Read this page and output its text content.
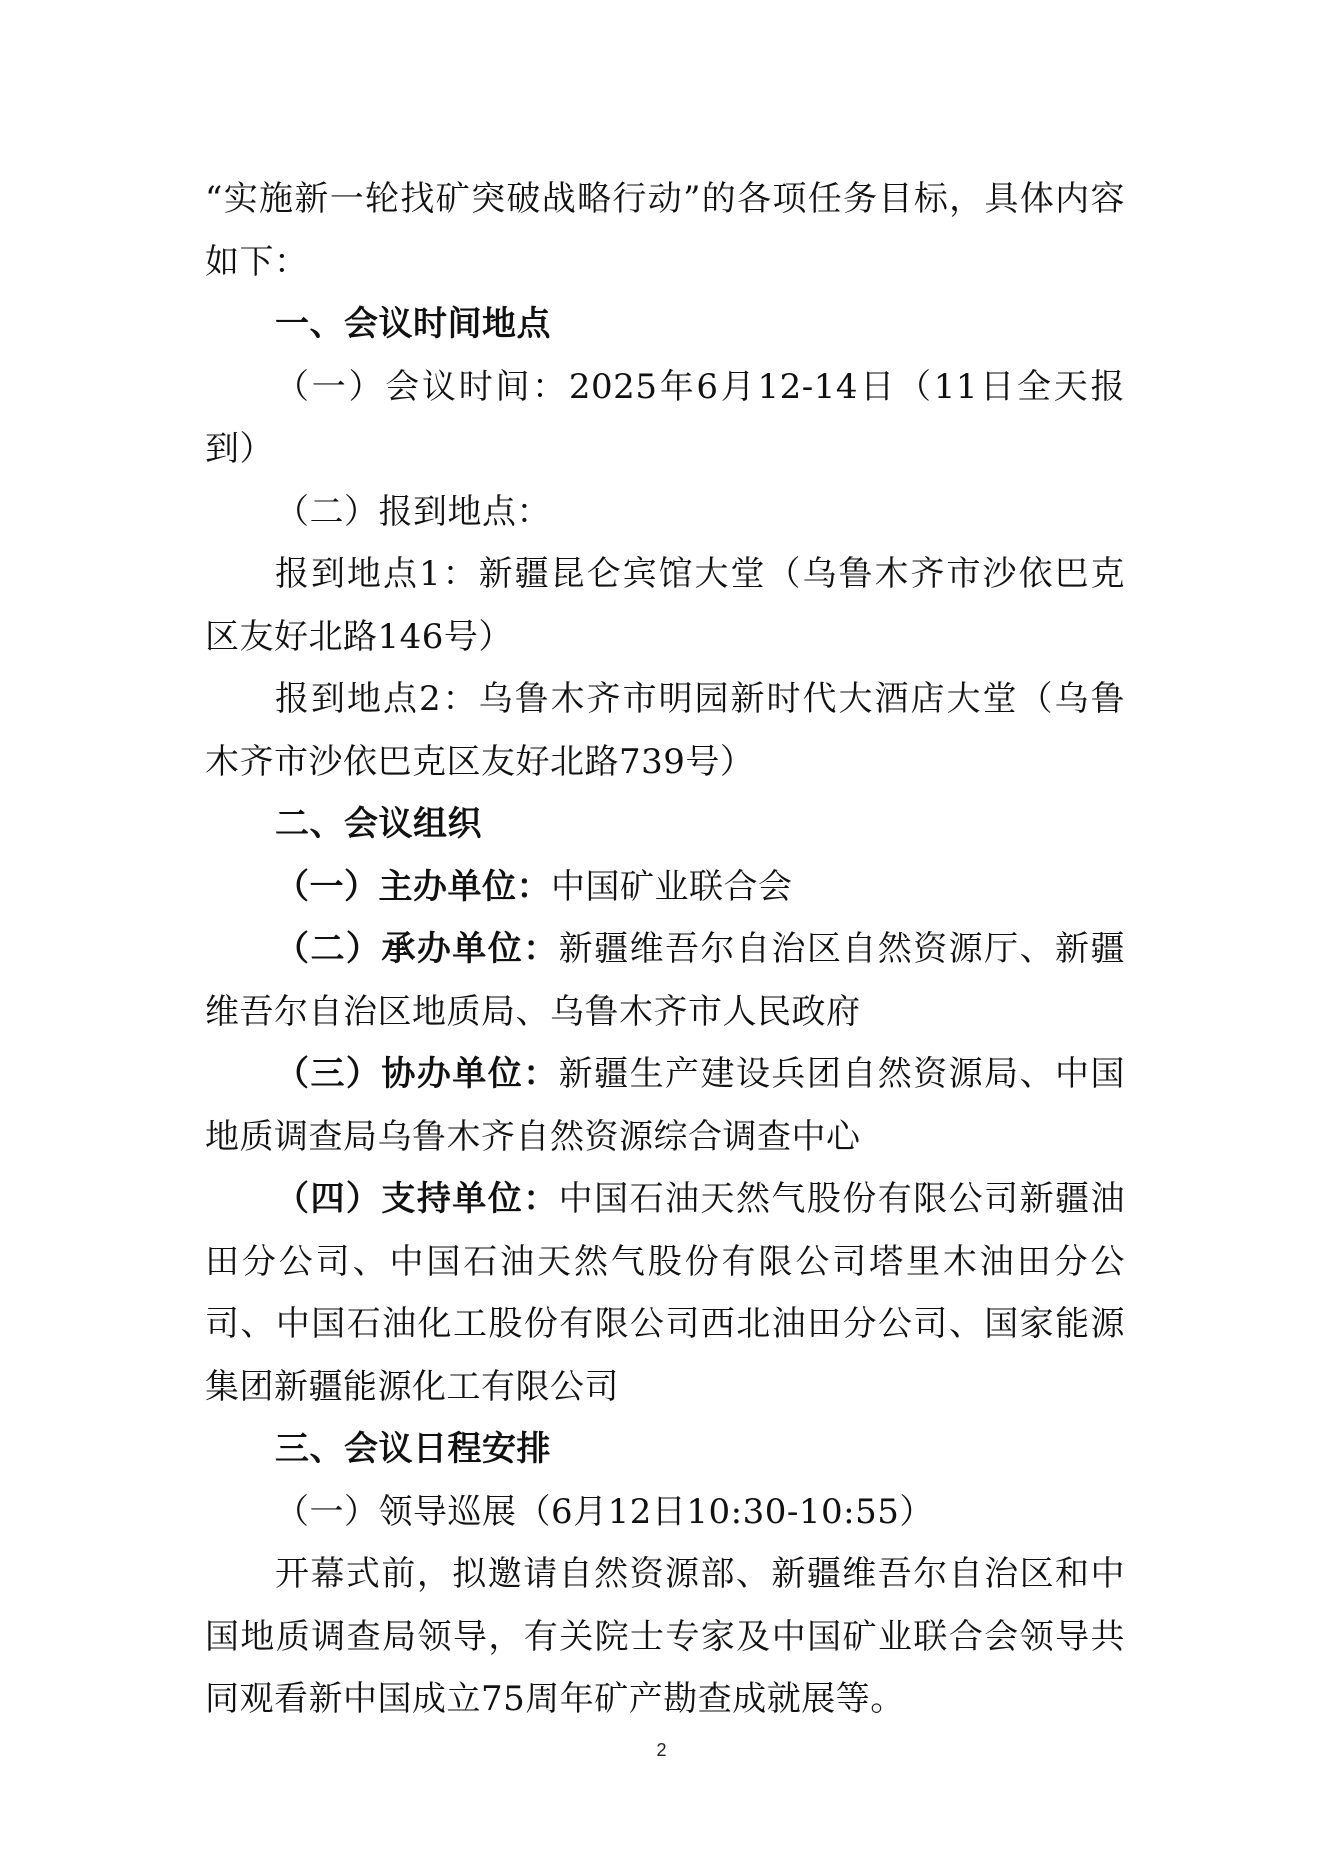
“实施新一轮找矿突破战略行动”的各项任务目标，具体内容如下：

一、会议时间地点

（一）会议时间：2025年6月12-14日（11日全天报到）

（二）报到地点：

报到地点1：新疆昆仑宾馆大堂（乌鲁木齐市沙依巴克区友好北路146号）

报到地点2：乌鲁木齐市明园新时代大酒店大堂（乌鲁木齐市沙依巴克区友好北路739号）

二、会议组织

（一）主办单位：中国矿业联合会

（二）承办单位：新疆维吾尔自治区自然资源厅、新疆维吾尔自治区地质局、乌鲁木齐市人民政府

（三）协办单位：新疆生产建设兵团自然资源局、中国地质调查局乌鲁木齐自然资源综合调查中心

（四）支持单位：中国石油天然气股份有限公司新疆油田分公司、中国石油天然气股份有限公司塔里木油田分公司、中国石油化工股份有限公司西北油田分公司、国家能源集团新疆能源化工有限公司

三、会议日程安排

（一）领导巡展（6月12日10:30-10:55）

开幕式前，拟邀请自然资源部、新疆维吾尔自治区和中国地质调查局领导，有关院士专家及中国矿业联合会领导共同观看新中国成立75周年矿产勘查成就展等。

2
